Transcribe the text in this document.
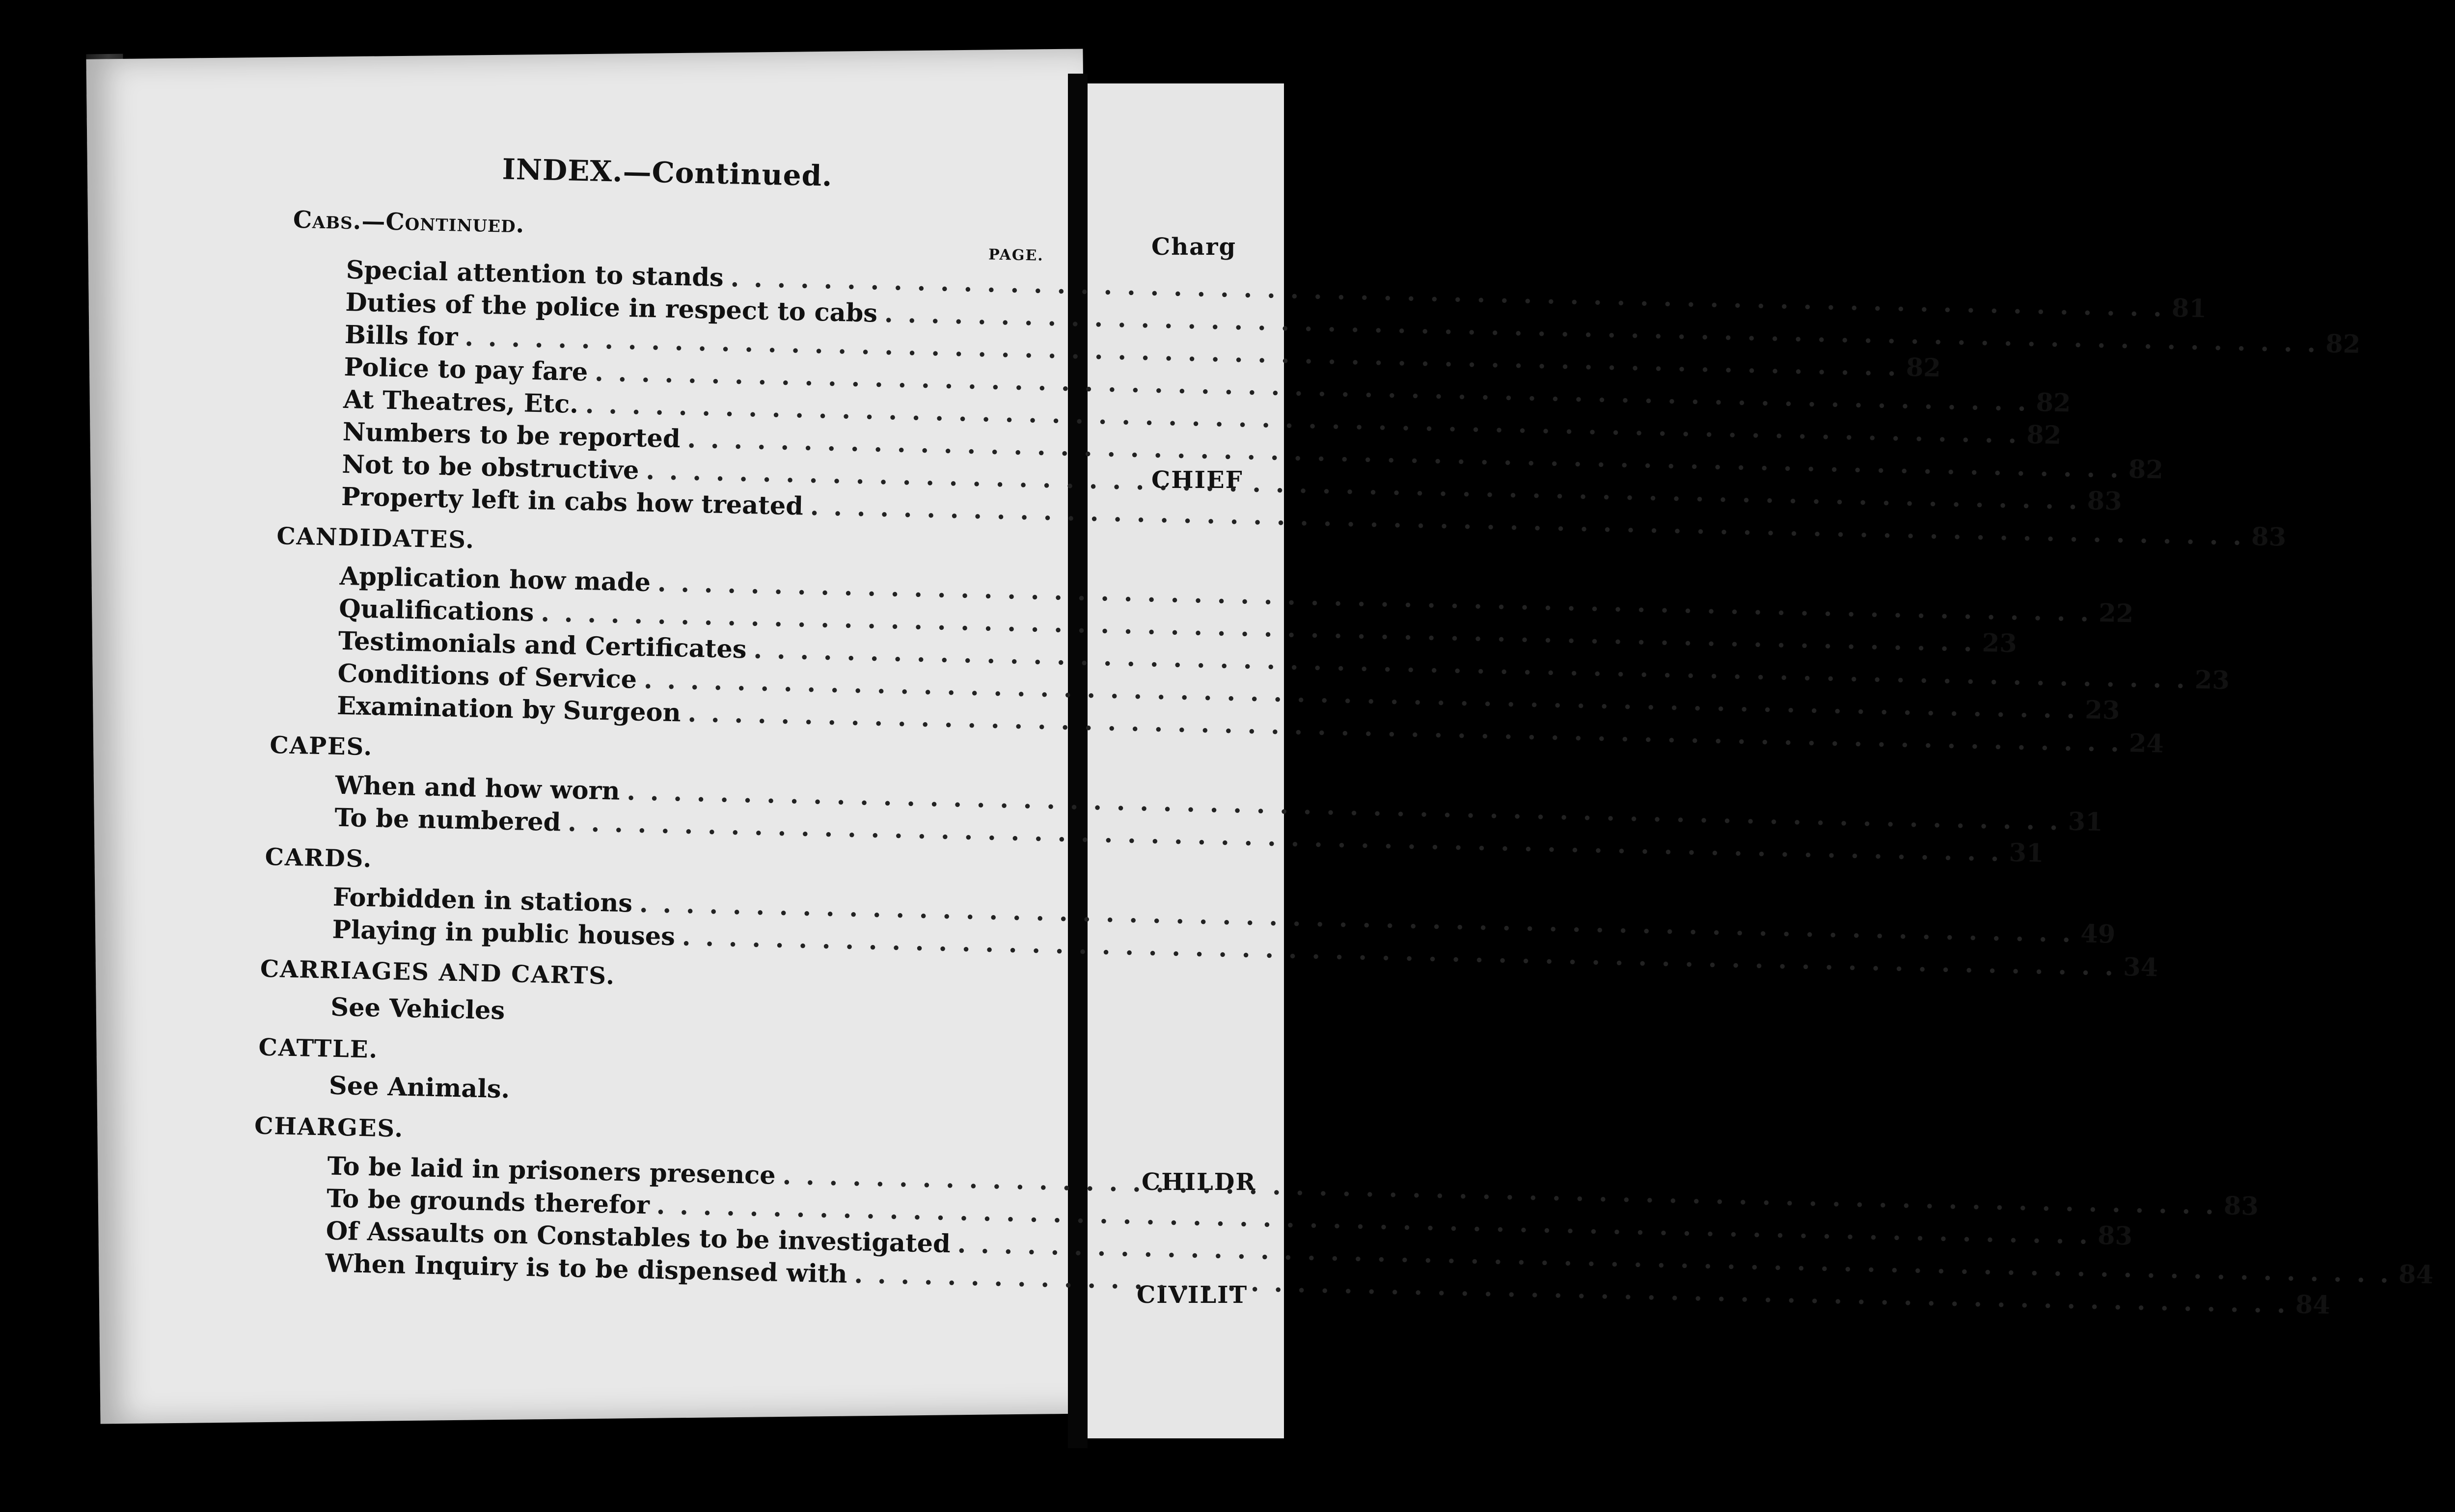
Charg
CHIEF
CHILDR
CIVILIT
INDEX.—Continued.
Cabs.—Continued.
PAGE.
Special attention to stands
. . .
81
Duties of the police in respect to cabs
. . .
82
Bills for
. . .
82
Police to pay fare
. . .
82
At Theatres, Etc.
. . .
82
Numbers to be reported
. . .
82
Not to be obstructive
. . .
83
Property left in cabs how treated
. . .
83
CANDIDATES.
Application how made
. . .
22
Qualifications
. . .
23
Testimonials and Certificates
. . .
23
Conditions of Service
. . .
23
Examination by Surgeon
. . .
24
CAPES.
When and how worn
. . .
31
To be numbered
. . .
31
CARDS.
Forbidden in stations
. . .
49
Playing in public houses
. . .
34
CARRIAGES AND CARTS.
See Vehicles
CATTLE.
See Animals.
CHARGES.
To be laid in prisoners presence
. . .
83
To be grounds therefor
. . .
83
Of Assaults on Constables to be investigated
. . .
84
When Inquiry is to be dispensed with
. . .
84
